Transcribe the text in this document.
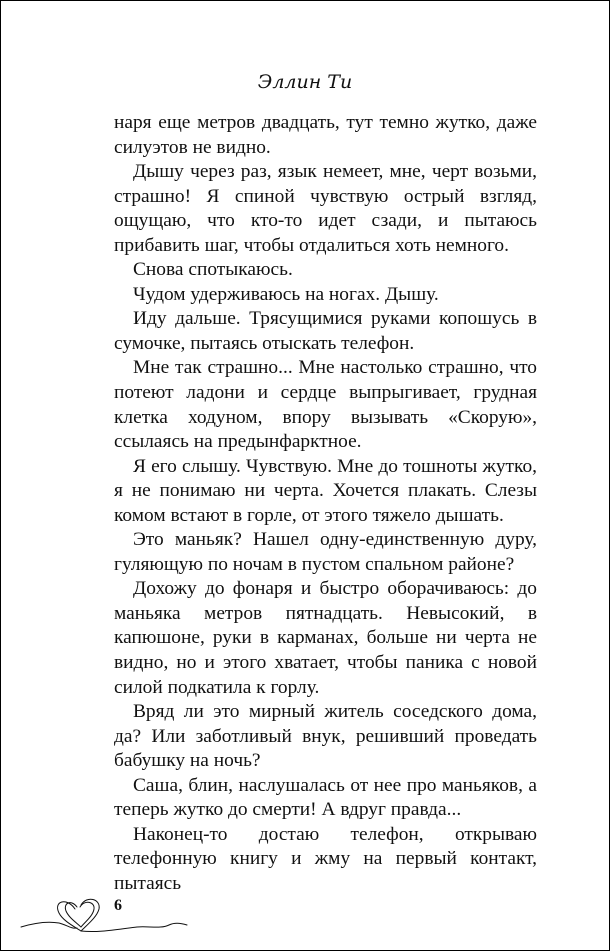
Эллин Ти

наря еще метров двадцать, тут темно жутко, даже силуэтов не видно.

Дышу через раз, язык немеет, мне, черт возьми, страшно! Я спиной чувствую острый взгляд, ощущаю, что кто-то идет сзади, и пытаюсь прибавить шаг, чтобы отдалиться хоть немного.

Снова спотыкаюсь.

Чудом удерживаюсь на ногах. Дышу.

Иду дальше. Трясущимися руками копошусь в сумочке, пытаясь отыскать телефон.

Мне так страшно... Мне настолько страшно, что потеют ладони и сердце выпрыгивает, грудная клетка ходуном, впору вызывать «Скорую», ссылаясь на предынфарктное.

Я его слышу. Чувствую. Мне до тошноты жутко, я не понимаю ни черта. Хочется плакать. Слезы комом встают в горле, от этого тяжело дышать.

Это маньяк? Нашел одну-единственную дуру, гуляющую по ночам в пустом спальном районе?

Дохожу до фонаря и быстро оборачиваюсь: до маньяка метров пятнадцать. Невысокий, в капюшоне, руки в карманах, больше ни черта не видно, но и этого хватает, чтобы паника с новой силой подкатила к горлу.

Вряд ли это мирный житель соседского дома, да? Или заботливый внук, решивший проведать бабушку на ночь?

Саша, блин, наслушалась от нее про маньяков, а теперь жутко до смерти! А вдруг правда...

Наконец-то достаю телефон, открываю телефонную книгу и жму на первый контакт, пытаясь

6
